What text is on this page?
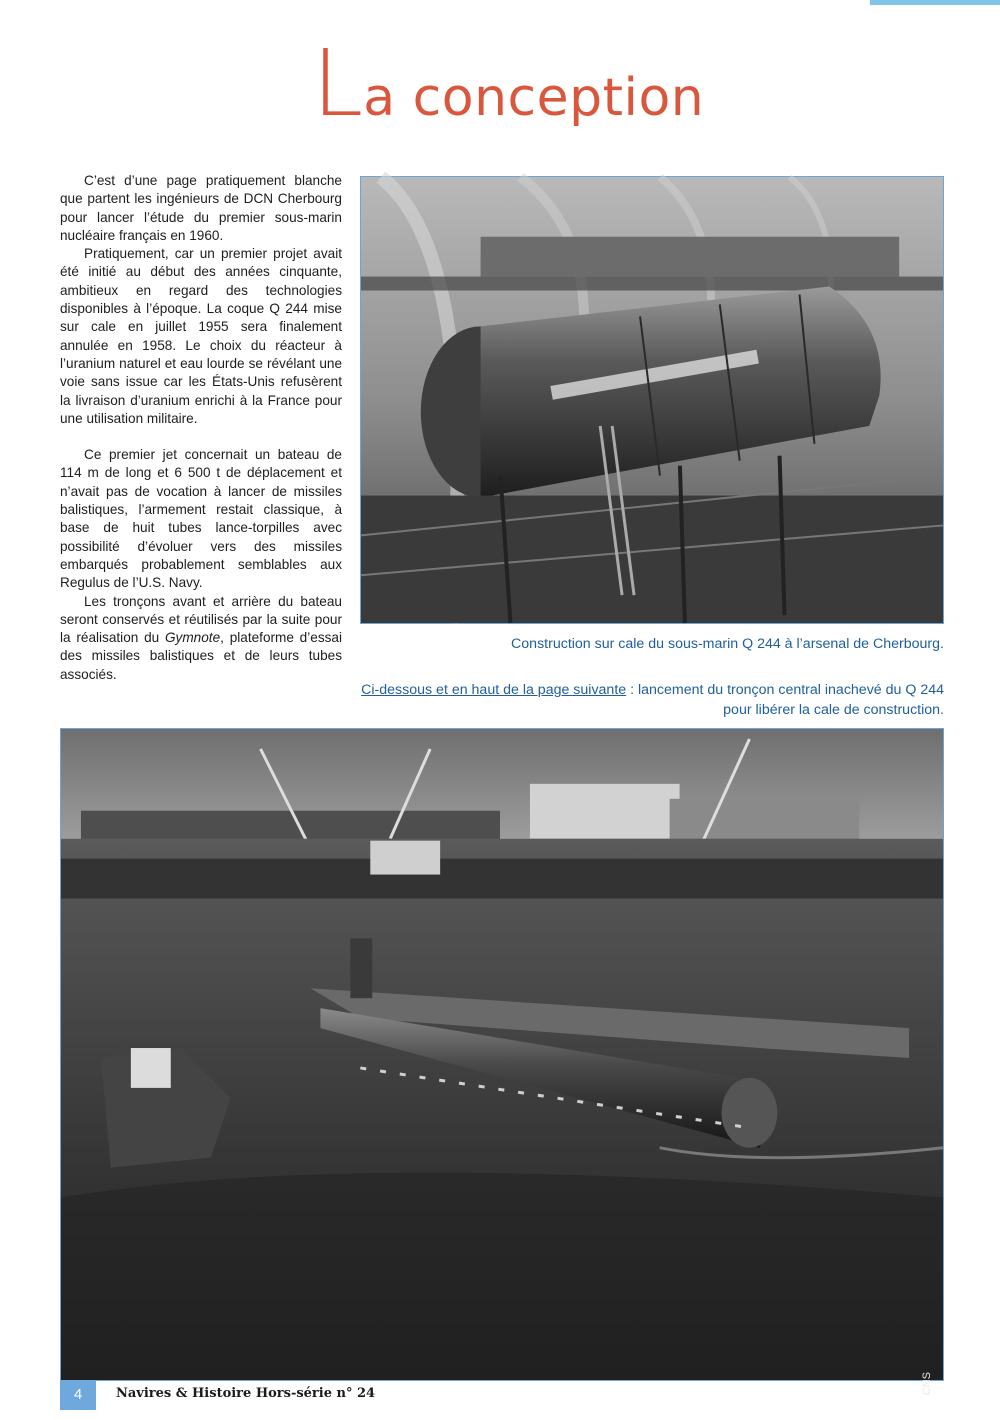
La conception

C’est d’une page pratiquement blanche que partent les ingénieurs de DCN Cherbourg pour lancer l’étude du premier sous-marin nucléaire français en 1960.

Pratiquement, car un premier projet avait été initié au début des années cinquante, ambitieux en regard des technologies disponibles à l’époque. La coque Q 244 mise sur cale en juillet 1955 sera finalement annulée en 1958. Le choix du réacteur à l’uranium naturel et eau lourde se révélant une voie sans issue car les États-Unis refusèrent la livraison d’uranium enrichi à la France pour une utilisation militaire.

Ce premier jet concernait un bateau de 114 m de long et 6 500 t de déplacement et n’avait pas de vocation à lancer de missiles balistiques, l’armement restait classique, à base de huit tubes lance-torpilles avec possibilité d’évoluer vers des missiles embarqués probablement semblables aux Regulus de l’U.S. Navy.

Les tronçons avant et arrière du bateau seront conservés et réutilisés par la suite pour la réalisation du Gymnote, plateforme d’essai des missiles balistiques et de leurs tubes associés.

Construction sur cale du sous-marin Q 244 à l’arsenal de Cherbourg.
Ci-dessous et en haut de la page suivante : lancement du tronçon central inachevé du Q 244 pour libérer la cale de construction.
CNS
4	Navires & Histoire Hors-série n° 24
